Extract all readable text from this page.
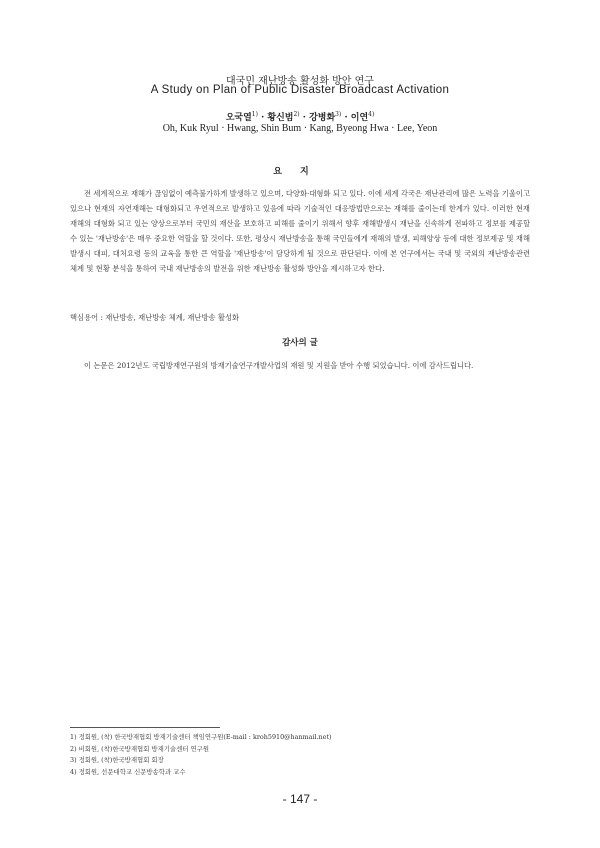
대국민 재난방송 활성화 방안 연구
A Study on Plan of Public Disaster Broadcast Activation
오국열$^{1)}$ · 황신범$^{2)}$ · 강병화$^{3)}$ · 이연$^{4)}$
Oh, Kuk Ryul · Hwang, Shin Bum · Kang, Byeong Hwa · Lee, Yeon
요지
전 세계적으로 재해가 끊임없이 예측불가하게 발생하고 있으며, 다양화·대형화 되고 있다. 이에 세계 각국은 재난관리에 많은 노력을 기울이고 있으나 현재의 자연재해는 대형화되고 우연적으로 발생하고 있음에 따라 기술적인 대응방법만으로는 재해를 줄이는데 한계가 있다. 이러한 현재 재해의 대형화 되고 있는 양상으로부터 국민의 재산을 보호하고 피해를 줄이기 위해서 향후 재해발생시 재난을 신속하게 전파하고 정보를 제공할 수 있는 '재난방송'은 매우 중요한 역할을 할 것이다. 또한, 평상시 재난방송을 통해 국민들에게 재해의 발생, 피해양상 등에 대한 정보제공 및 재해발생시 대피, 대처요령 등의 교육을 통한 큰 역할을 '재난방송'이 담당하게 될 것으로 판단된다. 이에 본 연구에서는 국내 및 국외의 재난방송관련 체계 및 현황 분석을 통하여 국내 재난방송의 발전을 위한 재난방송 활성화 방안을 제시하고자 한다.
핵심용어 : 재난방송, 재난방송 체계, 재난방송 활성화
감사의 글
이 논문은 2012년도 국립방재연구원의 방재기술연구개발사업의 재원 및 지원을 받아 수행 되었습니다. 이에 감사드립니다.
1) 정회원, (착) 한국방재협회 방재기술센터 책임연구원(E-mail : kroh5910@hanmail.net)
2) 비회원, (착)한국방재협회 방재기술센터 연구원
3) 정회원, (착)한국방재협회 회장
4) 정회원, 선문대학교 신문방송학과 교수
- 147 -
